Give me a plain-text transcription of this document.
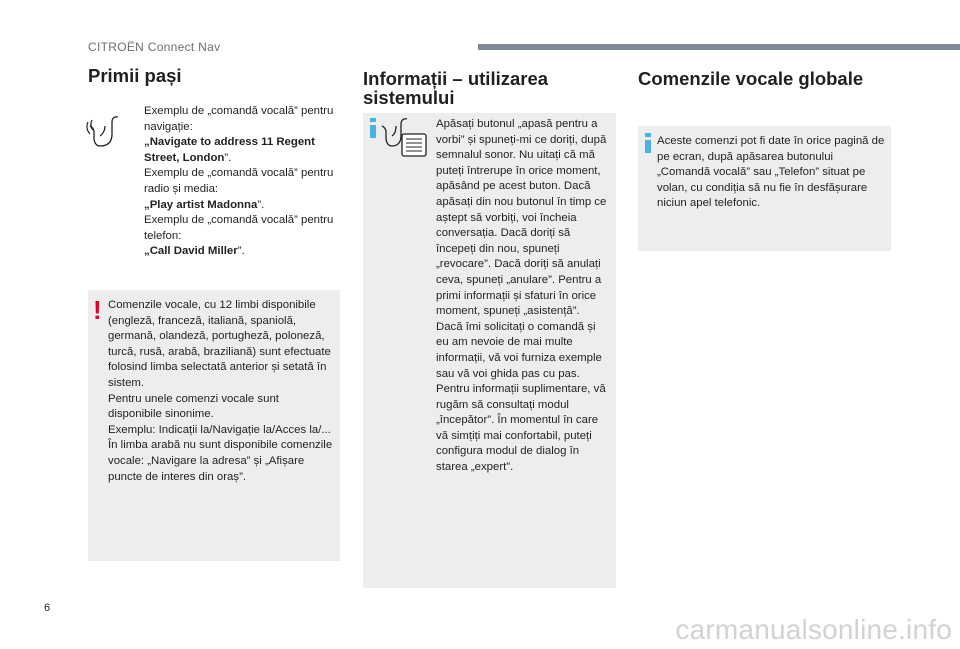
CITROËN Connect Nav
Primii pași

Exemplu de „comandă vocală” pentru navigație:

„Navigate to address 11 Regent Street, London”.

Exemplu de „comandă vocală” pentru radio și media:

„Play artist Madonna”.

Exemplu de „comandă vocală” pentru telefon:

„Call David Miller”.

! Comenzile vocale, cu 12 limbi disponibile (engleză, franceză, italiană, spaniolă, germană, olandeză, portugheză, poloneză, turcă, rusă, arabă, braziliană) sunt efectuate folosind limba selectată anterior și setată în sistem.

Pentru unele comenzi vocale sunt disponibile sinonime.

Exemplu: Indicații la/Navigație la/Acces la/...

În limba arabă nu sunt disponibile comenzile vocale: „Navigare la adresa” și „Afișare puncte de interes din oraș”.

Informații – utilizarea sistemului
Apăsați butonul „apasă pentru a vorbi” și spuneți-mi ce doriți, după semnalul sonor. Nu uitați că mă puteți întrerupe în orice moment, apăsând pe acest buton. Dacă apăsați din nou butonul în timp ce aștept să vorbiți, voi încheia conversația. Dacă doriți să începeți din nou, spuneți „revocare”. Dacă doriți să anulați ceva, spuneți „anulare”. Pentru a primi informații și sfaturi în orice moment, spuneți „asistență”. Dacă îmi solicitați o comandă și eu am nevoie de mai multe informații, vă voi furniza exemple sau vă voi ghida pas cu pas. Pentru informații suplimentare, vă rugăm să consultați modul „începător”. În momentul în care vă simțiți mai confortabil, puteți configura modul de dialog în starea „expert”.
Comenzile vocale globale
Aceste comenzi pot fi date în orice pagină de pe ecran, după apăsarea butonului „Comandă vocală” sau „Telefon” situat pe volan, cu condiția să nu fie în desfășurare niciun apel telefonic.
6
carmanualsonline.info
